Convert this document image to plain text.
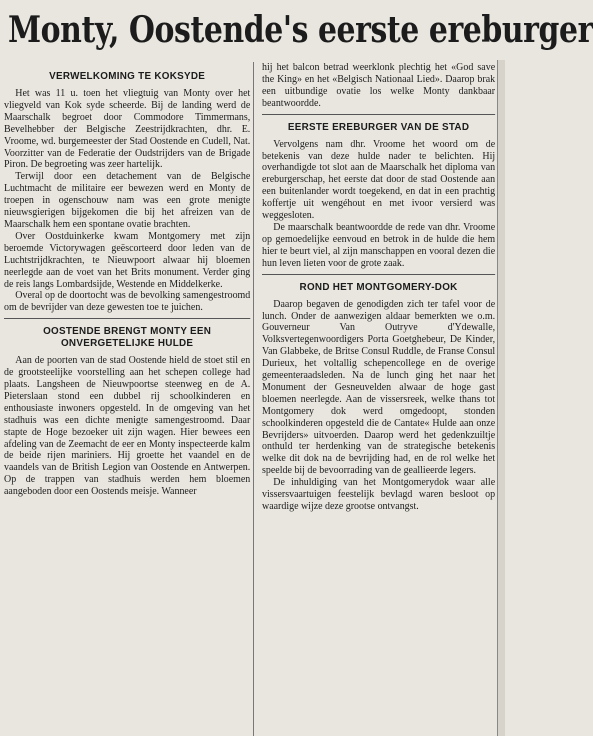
Monty, Oostende's eerste ereburger
VERWELKOMING TE KOKSYDE

Het was 11 u. toen het vliegtuig van Monty over het vliegveld van Kok syde scheerde. Bij de landing werd de Maarschalk begroet door Commodore Timmermans, Bevelhebber der Belgische Zeestrijdkrachten, dhr. E. Vroome, wd. burgemeester der Stad Oostende en Cudell, Nat. Voorzitter van de Federatie der Oudstrijders van de Brigade Piron. De begroeting was zeer hartelijk.

Terwijl door een detachement van de Belgische Luchtmacht de militaire eer bewezen werd en Monty de troepen in ogenschouw nam was een grote menigte nieuwsgierigen bijgekomen die bij het afreizen van de Maarschalk hem een spontane ovatie brachten.

Over Oostduinkerke kwam Montgomery met zijn beroemde Victorywagen geëscorteerd door leden van de Luchtstrijdkrachten, te Nieuwpoort alwaar hij bloemen neerlegde aan de voet van het Brits monument. Verder ging de reis langs Lombardsijde, Westende en Middelkerke.

Overal op de doortocht was de bevolking samengestroomd om de bevrijder van deze gewesten toe te juichen.

OOSTENDE BRENGT MONTY EEN ONVERGETELIJKE HULDE

Aan de poorten van de stad Oostende hield de stoet stil en de grootsteelijke voorstelling aan het schepen college had plaats. Langsheen de Nieuwpoortse steenweg en de A. Pieterslaan stond een dubbel rij schoolkinderen en enthousiaste inwoners opgesteld. In de omgeving van het stadhuis was een dichte menigte samengestroomd. Daar stapte de Hoge bezoeker uit zijn wagen. Hier bewees een afdeling van de Zeemacht de eer en Monty inspecteerde kalm de beide rijen mariniers. Hij groette het vaandel en de vaandels van de British Legion van Oostende en Antwerpen. Op de trappen van stadhuis werden hem bloemen aangeboden door een Oostends meisje. Wanneer

hij het balcon betrad weerklonk plechtig het «God save the King» en het «Belgisch Nationaal Lied». Daarop brak een uitbundige ovatie los welke Monty dankbaar beantwoordde.

EERSTE EREBURGER VAN DE STAD

Vervolgens nam dhr. Vroome het woord om de betekenis van deze hulde nader te belichten. Hij overhandigde tot slot aan de Maarschalk het diploma van ereburgerschap, het eerste dat door de stad Oostende aan een buitenlander wordt toegekend, en dat in een prachtig koffertje uit wengéhout en met ivoor versierd was weggesloten.

De maarschalk beantwoordde de rede van dhr. Vroome op gemoedelijke eenvoud en betrok in de hulde die hem hier te beurt viel, al zijn manschappen en vooral dezen die hun leven lieten voor de grote zaak.

ROND HET MONTGOMERY-DOK

Daarop begaven de genodigden zich ter tafel voor de lunch. Onder de aanwezigen aldaar bemerkten we o.m. Gouverneur Van Outryve d'Ydewalle, Volksvertegenwoordigers Porta Goetghebeur, De Kinder, Van Glabbeke, de Britse Consul Ruddle, de Franse Consul Durieux, het voltallig schepencollege en de overige gemeenteraadsleden. Na de lunch ging het naar het Monument der Gesneuvelden alwaar de hoge gast bloemen neerlegde. Aan de vissersreek, welke thans tot Montgomery dok werd omgedoopt, stonden schoolkinderen opgesteld die de Cantate« Hulde aan onze Bevrijders» uitvoerden. Daarop werd het gedenkzuiltje onthuld ter herdenking van de strategische betekenis welke dit dok na de bevrijding had, en de rol welke het speelde bij de bevoorrading van de geallieerde legers.

De inhuldiging van het Montgomerydok waar alle vissersvaartuigen feestelijk bevlagd waren besloot op waardige wijze deze grootse ontvangst.
